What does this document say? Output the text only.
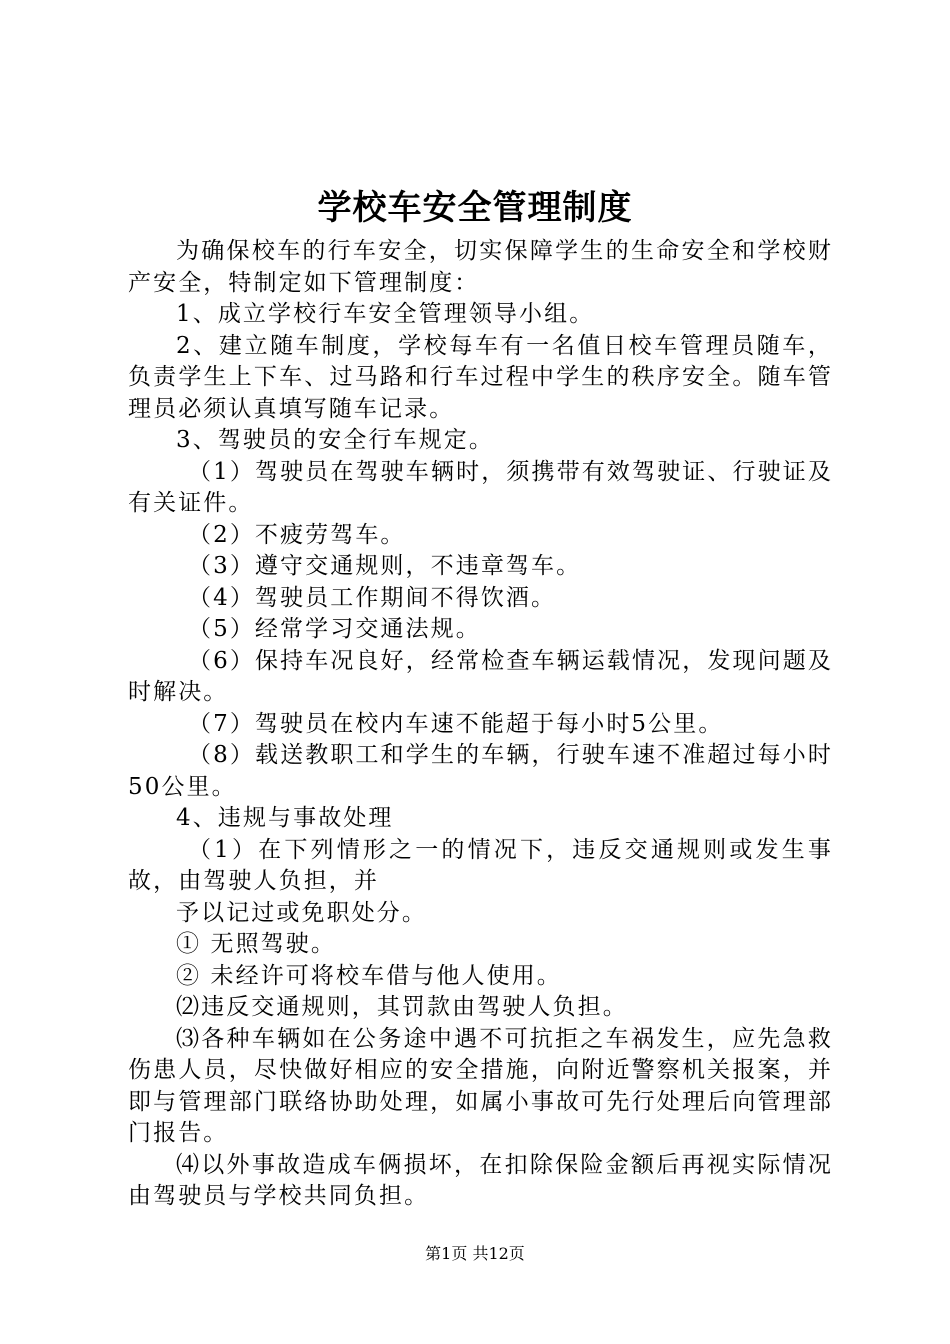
学校车安全管理制度

为确保校车的行车安全，切实保障学生的生命安全和学校财产安全，特制定如下管理制度：

1、成立学校行车安全管理领导小组。

2、建立随车制度，学校每车有一名值日校车管理员随车，负责学生上下车、过马路和行车过程中学生的秩序安全。随车管理员必须认真填写随车记录。

3、驾驶员的安全行车规定。

（1）驾驶员在驾驶车辆时，须携带有效驾驶证、行驶证及有关证件。

（2）不疲劳驾车。

（3）遵守交通规则，不违章驾车。

（4）驾驶员工作期间不得饮酒。

（5）经常学习交通法规。

（6）保持车况良好，经常检查车辆运载情况，发现问题及时解决。

（7）驾驶员在校内车速不能超于每小时5公里。

（8）载送教职工和学生的车辆，行驶车速不准超过每小时50公里。

4、违规与事故处理

（1）在下列情形之一的情况下，违反交通规则或发生事故，由驾驶人负担，并

予以记过或免职处分。

① 无照驾驶。

② 未经许可将校车借与他人使用。

⑵违反交通规则，其罚款由驾驶人负担。

⑶各种车辆如在公务途中遇不可抗拒之车祸发生，应先急救伤患人员，尽快做好相应的安全措施，向附近警察机关报案，并即与管理部门联络协助处理，如属小事故可先行处理后向管理部门报告。

⑷以外事故造成车俩损坏，在扣除保险金额后再视实际情况由驾驶员与学校共同负担。

第1页 共12页
